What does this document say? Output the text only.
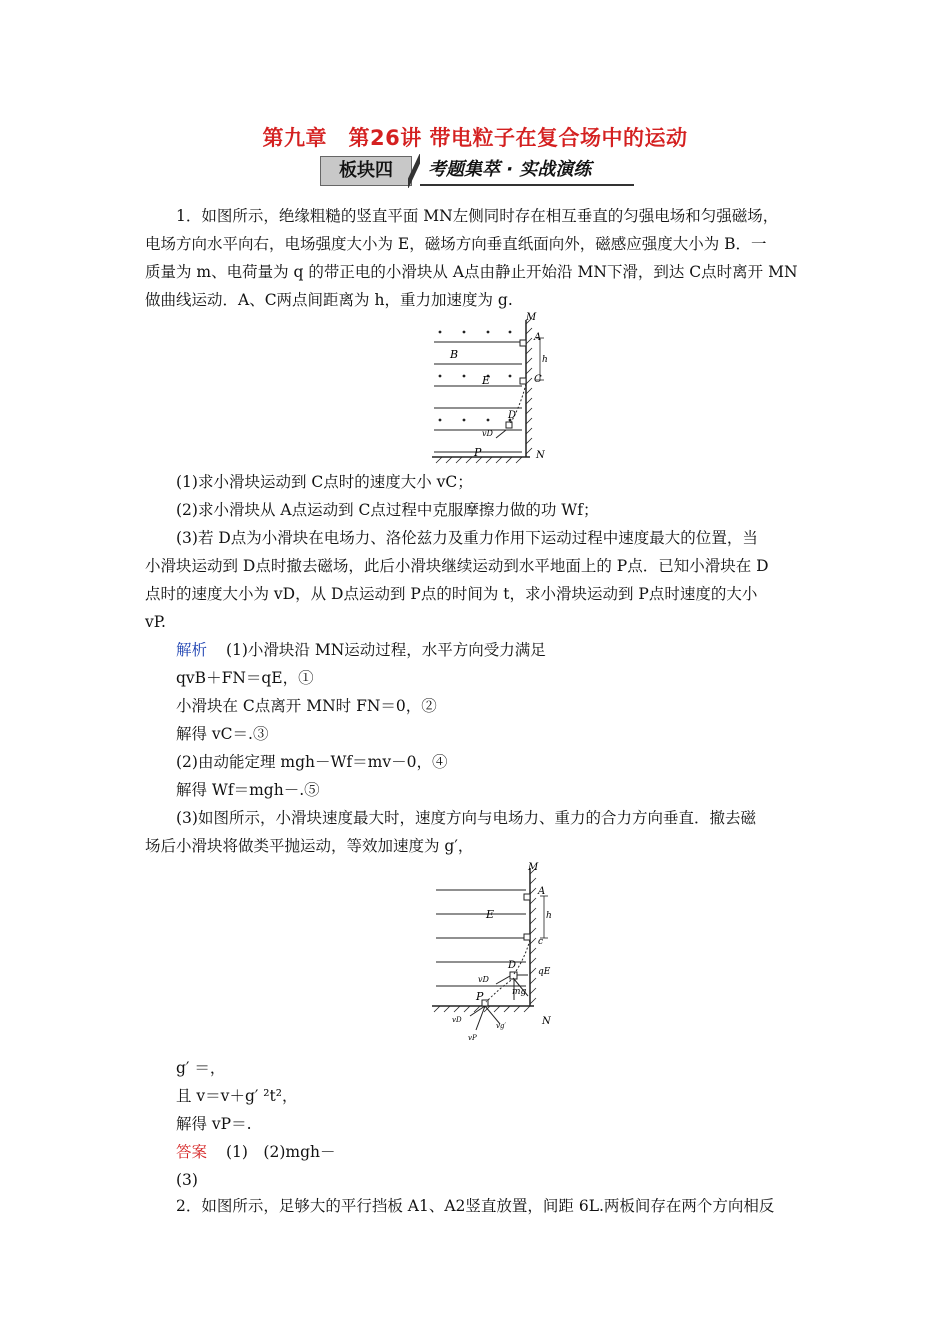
第九章　第26讲 带电粒子在复合场中的运动
板块四	考题集萃 · 实战演练
1．如图所示，绝缘粗糙的竖直平面 MN左侧同时存在相互垂直的匀强电场和匀强磁场，
电场方向水平向右，电场强度大小为 E，磁场方向垂直纸面向外，磁感应强度大小为 B．一
质量为 m、电荷量为 q 的带正电的小滑块从 A点由静止开始沿 MN下滑，到达 C点时离开 MN
做曲线运动．A、C两点间距离为 h，重力加速度为 g.
M
A
B	h
C
E
D
vD
P	N
(1)求小滑块运动到 C点时的速度大小 vC；
(2)求小滑块从 A点运动到 C点过程中克服摩擦力做的功 Wf；
(3)若 D点为小滑块在电场力、洛伦兹力及重力作用下运动过程中速度最大的位置，当
小滑块运动到 D点时撤去磁场，此后小滑块继续运动到水平地面上的 P点．已知小滑块在 D
点时的速度大小为 vD，从 D点运动到 P点的时间为 t，求小滑块运动到 P点时速度的大小
vP.
解析 (1)小滑块沿 MN运动过程，水平方向受力满足
qvB＋FN＝qE，①
小滑块在 C点离开 MN时 FN＝0，②
解得 vC＝.③
(2)由动能定理 mgh－Wf＝mv－0，④
解得 Wf＝mgh－.⑤
(3)如图所示，小滑块速度最大时，速度方向与电场力、重力的合力方向垂直．撤去磁
场后小滑块将做类平抛运动，等效加速度为 g′，
M
A
h
c
E
D
vD
qE
mg
P
N
vD
vg′
vP
g′ ＝，
且 v＝v＋g′ ²t²，
解得 vP＝.
答案 (1)　(2)mgh－
(3)
2．如图所示，足够大的平行挡板 A1、A2竖直放置，间距 6L.两板间存在两个方向相反
